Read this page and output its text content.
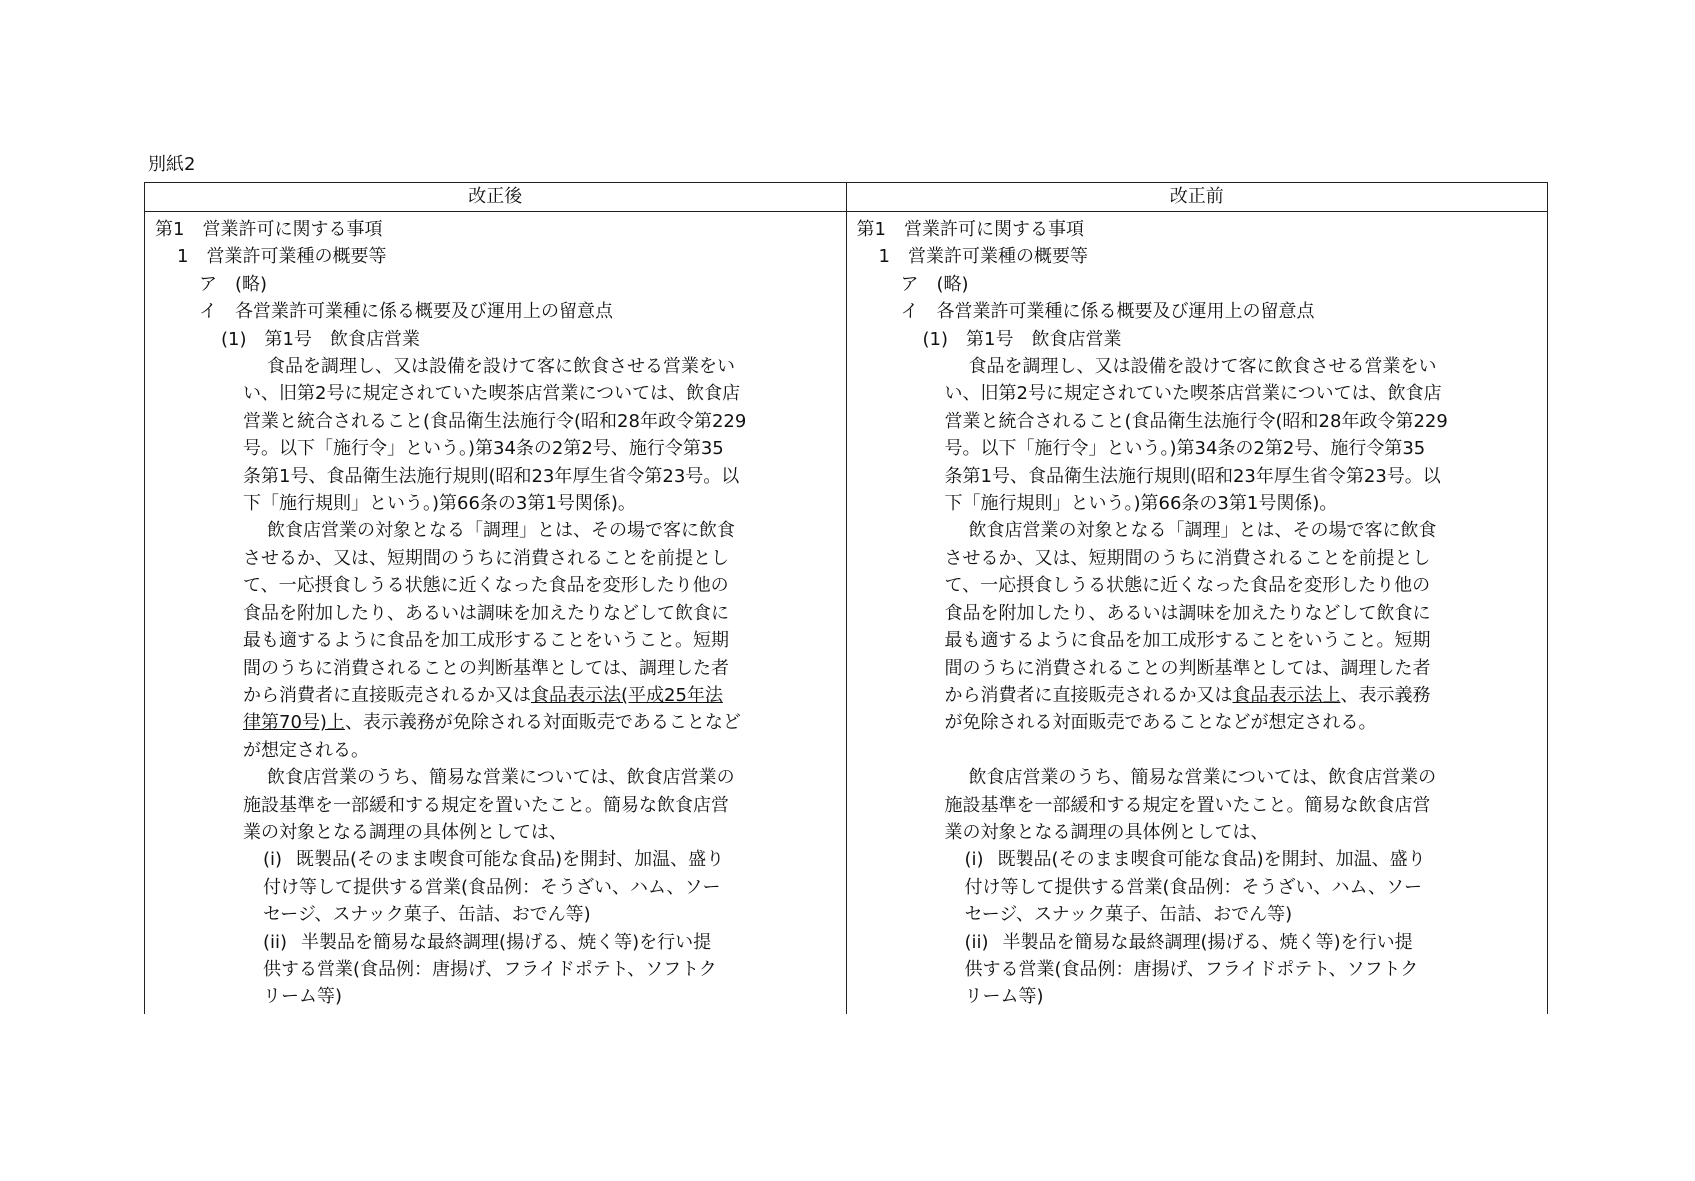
別紙2
改正後	改正前
第1　営業許可に関する事項
1　営業許可業種の概要等
ア　(略)
イ　各営業許可業種に係る概要及び運用上の留意点
(1)　第1号　飲食店営業
食品を調理し、又は設備を設けて客に飲食させる営業をい
い、旧第2号に規定されていた喫茶店営業については、飲食店
営業と統合されること(食品衛生法施行令(昭和28年政令第229
号。以下「施行令」という。)第34条の2第2号、施行令第35
条第1号、食品衛生法施行規則(昭和23年厚生省令第23号。以
下「施行規則」という。)第66条の3第1号関係)。
飲食店営業の対象となる「調理」とは、その場で客に飲食
させるか、又は、短期間のうちに消費されることを前提とし
て、一応摂食しうる状態に近くなった食品を変形したり他の
食品を附加したり、あるいは調味を加えたりなどして飲食に
最も適するように食品を加工成形することをいうこと。短期
間のうちに消費されることの判断基準としては、調理した者
から消費者に直接販売されるか又は食品表示法(平成25年法
律第70号)上、表示義務が免除される対面販売であることなど
が想定される。
飲食店営業のうち、簡易な営業については、飲食店営業の
施設基準を一部緩和する規定を置いたこと。簡易な飲食店営
業の対象となる調理の具体例としては、
(i) 既製品(そのまま喫食可能な食品)を開封、加温、盛り
付け等して提供する営業(食品例：そうざい、ハム、ソー
セージ、スナック菓子、缶詰、おでん等)
(ii) 半製品を簡易な最終調理(揚げる、焼く等)を行い提
供する営業(食品例：唐揚げ、フライドポテト、ソフトク
リーム等)
第1　営業許可に関する事項
1　営業許可業種の概要等
ア　(略)
イ　各営業許可業種に係る概要及び運用上の留意点
(1)　第1号　飲食店営業
食品を調理し、又は設備を設けて客に飲食させる営業をい
い、旧第2号に規定されていた喫茶店営業については、飲食店
営業と統合されること(食品衛生法施行令(昭和28年政令第229
号。以下「施行令」という。)第34条の2第2号、施行令第35
条第1号、食品衛生法施行規則(昭和23年厚生省令第23号。以
下「施行規則」という。)第66条の3第1号関係)。
飲食店営業の対象となる「調理」とは、その場で客に飲食
させるか、又は、短期間のうちに消費されることを前提とし
て、一応摂食しうる状態に近くなった食品を変形したり他の
食品を附加したり、あるいは調味を加えたりなどして飲食に
最も適するように食品を加工成形することをいうこと。短期
間のうちに消費されることの判断基準としては、調理した者
から消費者に直接販売されるか又は食品表示法上、表示義務
が免除される対面販売であることなどが想定される。
飲食店営業のうち、簡易な営業については、飲食店営業の
施設基準を一部緩和する規定を置いたこと。簡易な飲食店営
業の対象となる調理の具体例としては、
(i) 既製品(そのまま喫食可能な食品)を開封、加温、盛り
付け等して提供する営業(食品例：そうざい、ハム、ソー
セージ、スナック菓子、缶詰、おでん等)
(ii) 半製品を簡易な最終調理(揚げる、焼く等)を行い提
供する営業(食品例：唐揚げ、フライドポテト、ソフトク
リーム等)
